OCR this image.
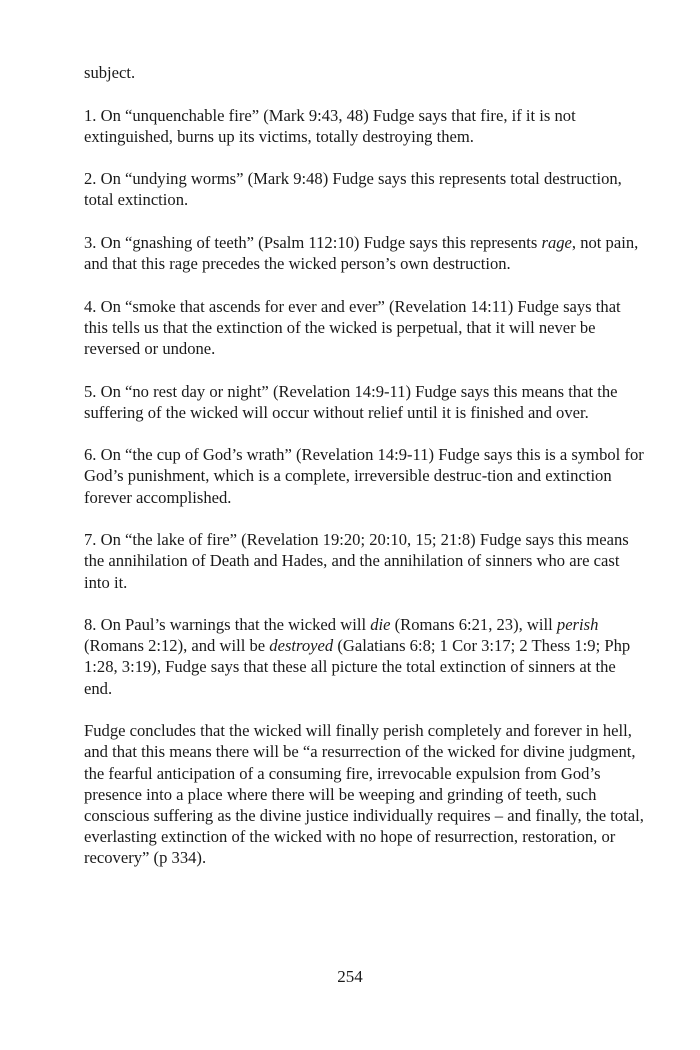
subject.

1. On “unquenchable fire” (Mark 9:43, 48) Fudge says that fire, if it is not extinguished, burns up its victims, totally destroying them.

2. On “undying worms” (Mark 9:48) Fudge says this represents total destruction, total extinction.

3. On “gnashing of teeth” (Psalm 112:10) Fudge says this represents rage, not pain, and that this rage precedes the wicked person’s own destruction.

4. On “smoke that ascends for ever and ever” (Revelation 14:11) Fudge says that this tells us that the extinction of the wicked is perpetual, that it will never be reversed or undone.

5. On “no rest day or night” (Revelation 14:9-11) Fudge says this means that the suffering of the wicked will occur without relief until it is finished and over.

6. On “the cup of God’s wrath” (Revelation 14:9-11) Fudge says this is a symbol for God’s punishment, which is a complete, irreversible destruc-tion and extinction forever accomplished.

7. On “the lake of fire” (Revelation 19:20; 20:10, 15; 21:8) Fudge says this means the annihilation of Death and Hades, and the annihilation of sinners who are cast into it.

8. On Paul’s warnings that the wicked will die (Romans 6:21, 23), will perish (Romans 2:12), and will be destroyed (Galatians 6:8; 1 Cor 3:17; 2 Thess 1:9; Php 1:28, 3:19), Fudge says that these all picture the total extinction of sinners at the end.

Fudge concludes that the wicked will finally perish completely and forever in hell, and that this means there will be “a resurrection of the wicked for divine judgment, the fearful anticipation of a consuming fire, irrevocable expulsion from God’s presence into a place where there will be weeping and grinding of teeth, such conscious suffering as the divine justice individually requires – and finally, the total, everlasting extinction of the wicked with no hope of resurrection, restoration, or recovery” (p 334).

254
